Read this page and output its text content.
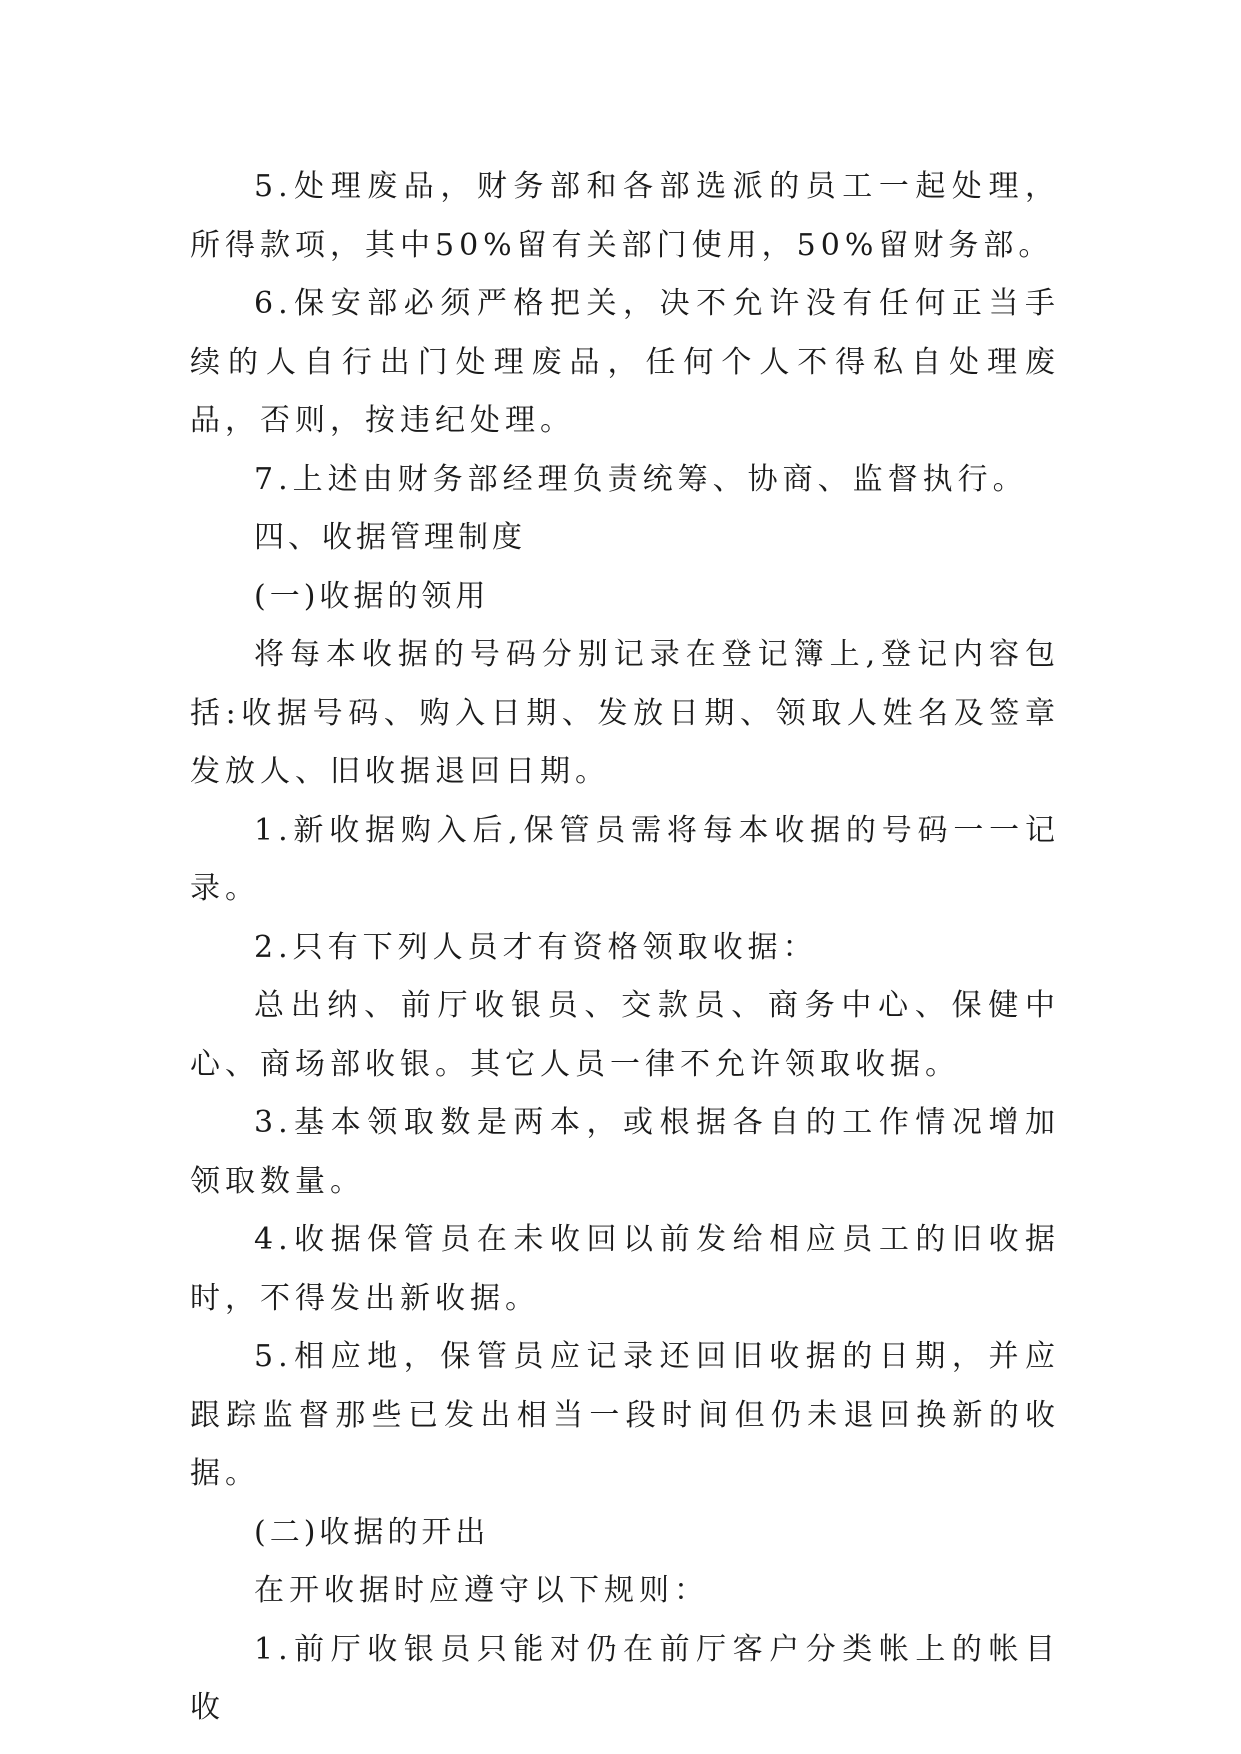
5.处理废品，财务部和各部选派的员工一起处理，所得款项，其中50%留有关部门使用，50%留财务部。

6.保安部必须严格把关，决不允许没有任何正当手续的人自行出门处理废品，任何个人不得私自处理废品，否则，按违纪处理。

7.上述由财务部经理负责统筹、协商、监督执行。

四、收据管理制度

(一)收据的领用

将每本收据的号码分别记录在登记簿上,登记内容包括:收据号码、购入日期、发放日期、领取人姓名及签章发放人、旧收据退回日期。

1.新收据购入后,保管员需将每本收据的号码一一记录。

2.只有下列人员才有资格领取收据：

总出纳、前厅收银员、交款员、商务中心、保健中心、商场部收银。其它人员一律不允许领取收据。

3.基本领取数是两本，或根据各自的工作情况增加领取数量。

4.收据保管员在未收回以前发给相应员工的旧收据时，不得发出新收据。

5.相应地，保管员应记录还回旧收据的日期，并应跟踪监督那些已发出相当一段时间但仍未退回换新的收据。

(二)收据的开出

在开收据时应遵守以下规则：

1.前厅收银员只能对仍在前厅客户分类帐上的帐目收
